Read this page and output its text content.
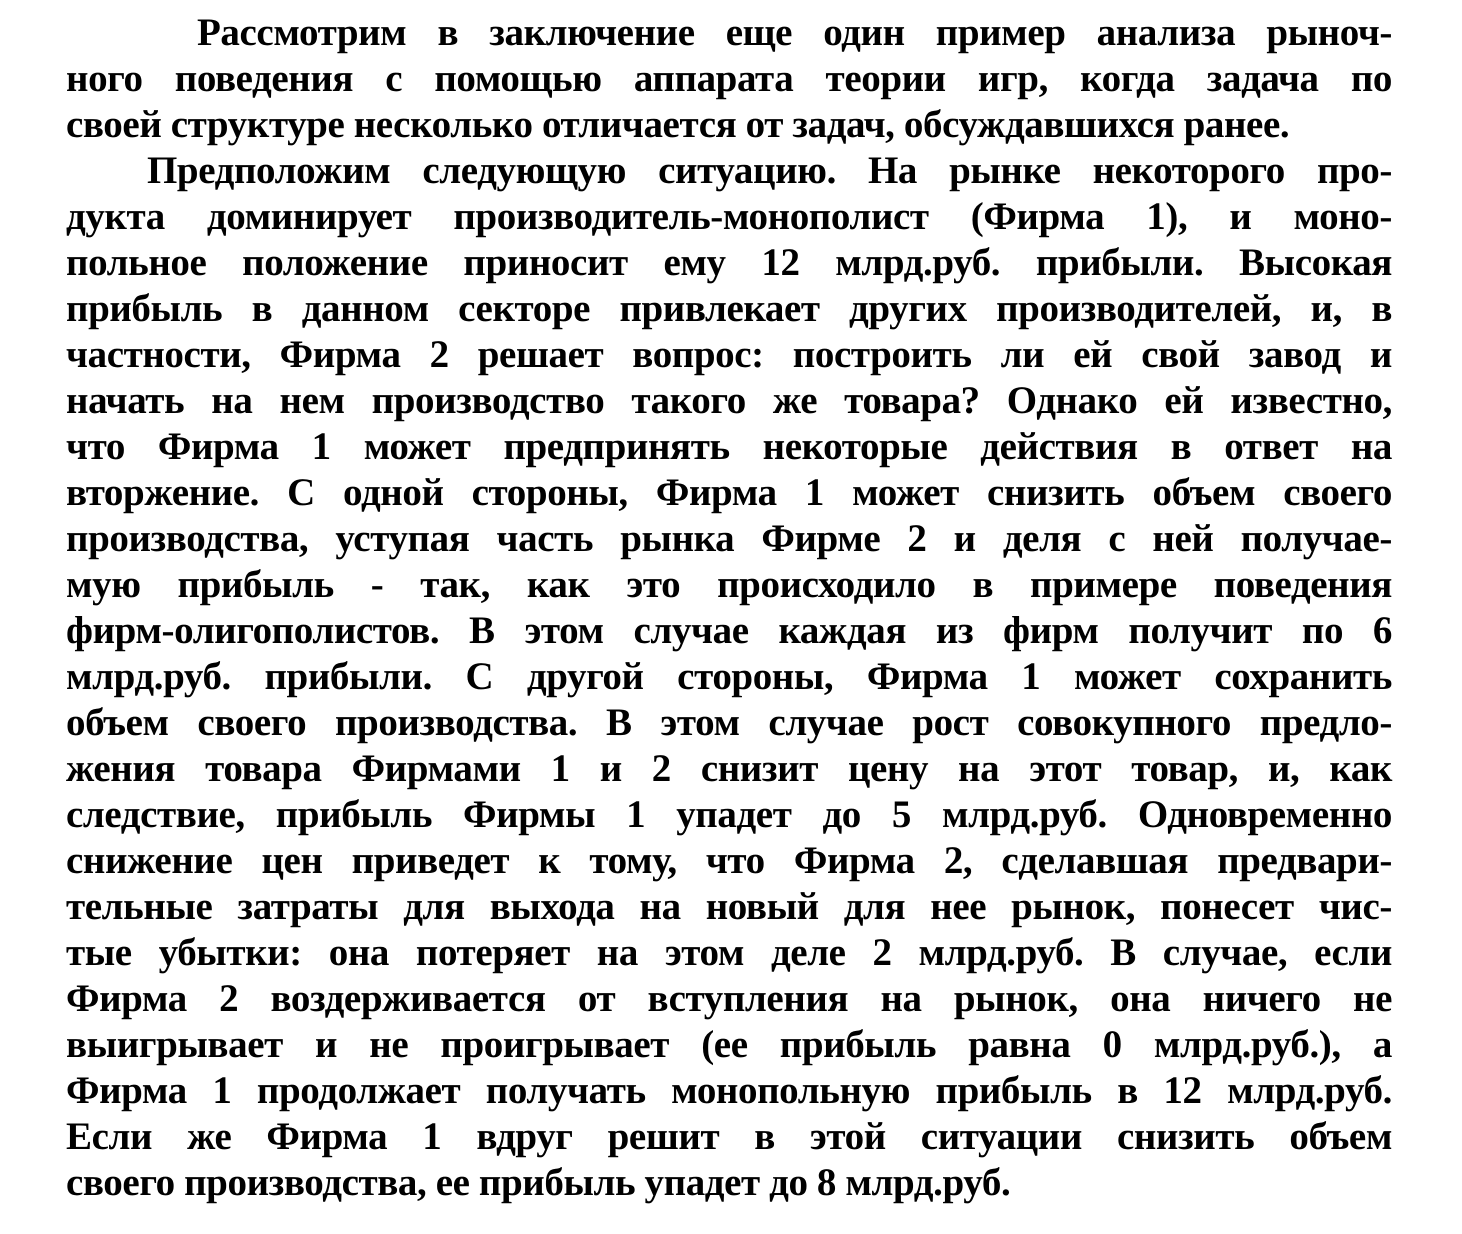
Рассмотрим в заключение еще один пример анализа рыноч-
ного поведения с помощью аппарата теории игр, когда задача по
своей структуре несколько отличается от задач, обсуждавшихся ранее.
Предположим следующую ситуацию. На рынке некоторого про-
дукта доминирует производитель-монополист (Фирма 1), и моно-
польное положение приносит ему 12 млрд.руб. прибыли. Высокая
прибыль в данном секторе привлекает других производителей, и, в
частности, Фирма 2 решает вопрос: построить ли ей свой завод и
начать на нем производство такого же товара? Однако ей известно,
что Фирма 1 может предпринять некоторые действия в ответ на
вторжение. С одной стороны, Фирма 1 может снизить объем своего
производства, уступая часть рынка Фирме 2 и деля с ней получае-
мую прибыль - так, как это происходило в примере поведения
фирм-олигополистов. В этом случае каждая из фирм получит по 6
млрд.руб. прибыли. С другой стороны, Фирма 1 может сохранить
объем своего производства. В этом случае рост совокупного предло-
жения товара Фирмами 1 и 2 снизит цену на этот товар, и, как
следствие, прибыль Фирмы 1 упадет до 5 млрд.руб. Одновременно
снижение цен приведет к тому, что Фирма 2, сделавшая предвари-
тельные затраты для выхода на новый для нее рынок, понесет чис-
тые убытки: она потеряет на этом деле 2 млрд.руб. В случае, если
Фирма 2 воздерживается от вступления на рынок, она ничего не
выигрывает и не проигрывает (ее прибыль равна 0 млрд.руб.), а
Фирма 1 продолжает получать монопольную прибыль в 12 млрд.руб.
Если же Фирма 1 вдруг решит в этой ситуации снизить объем
своего производства, ее прибыль упадет до 8 млрд.руб.
